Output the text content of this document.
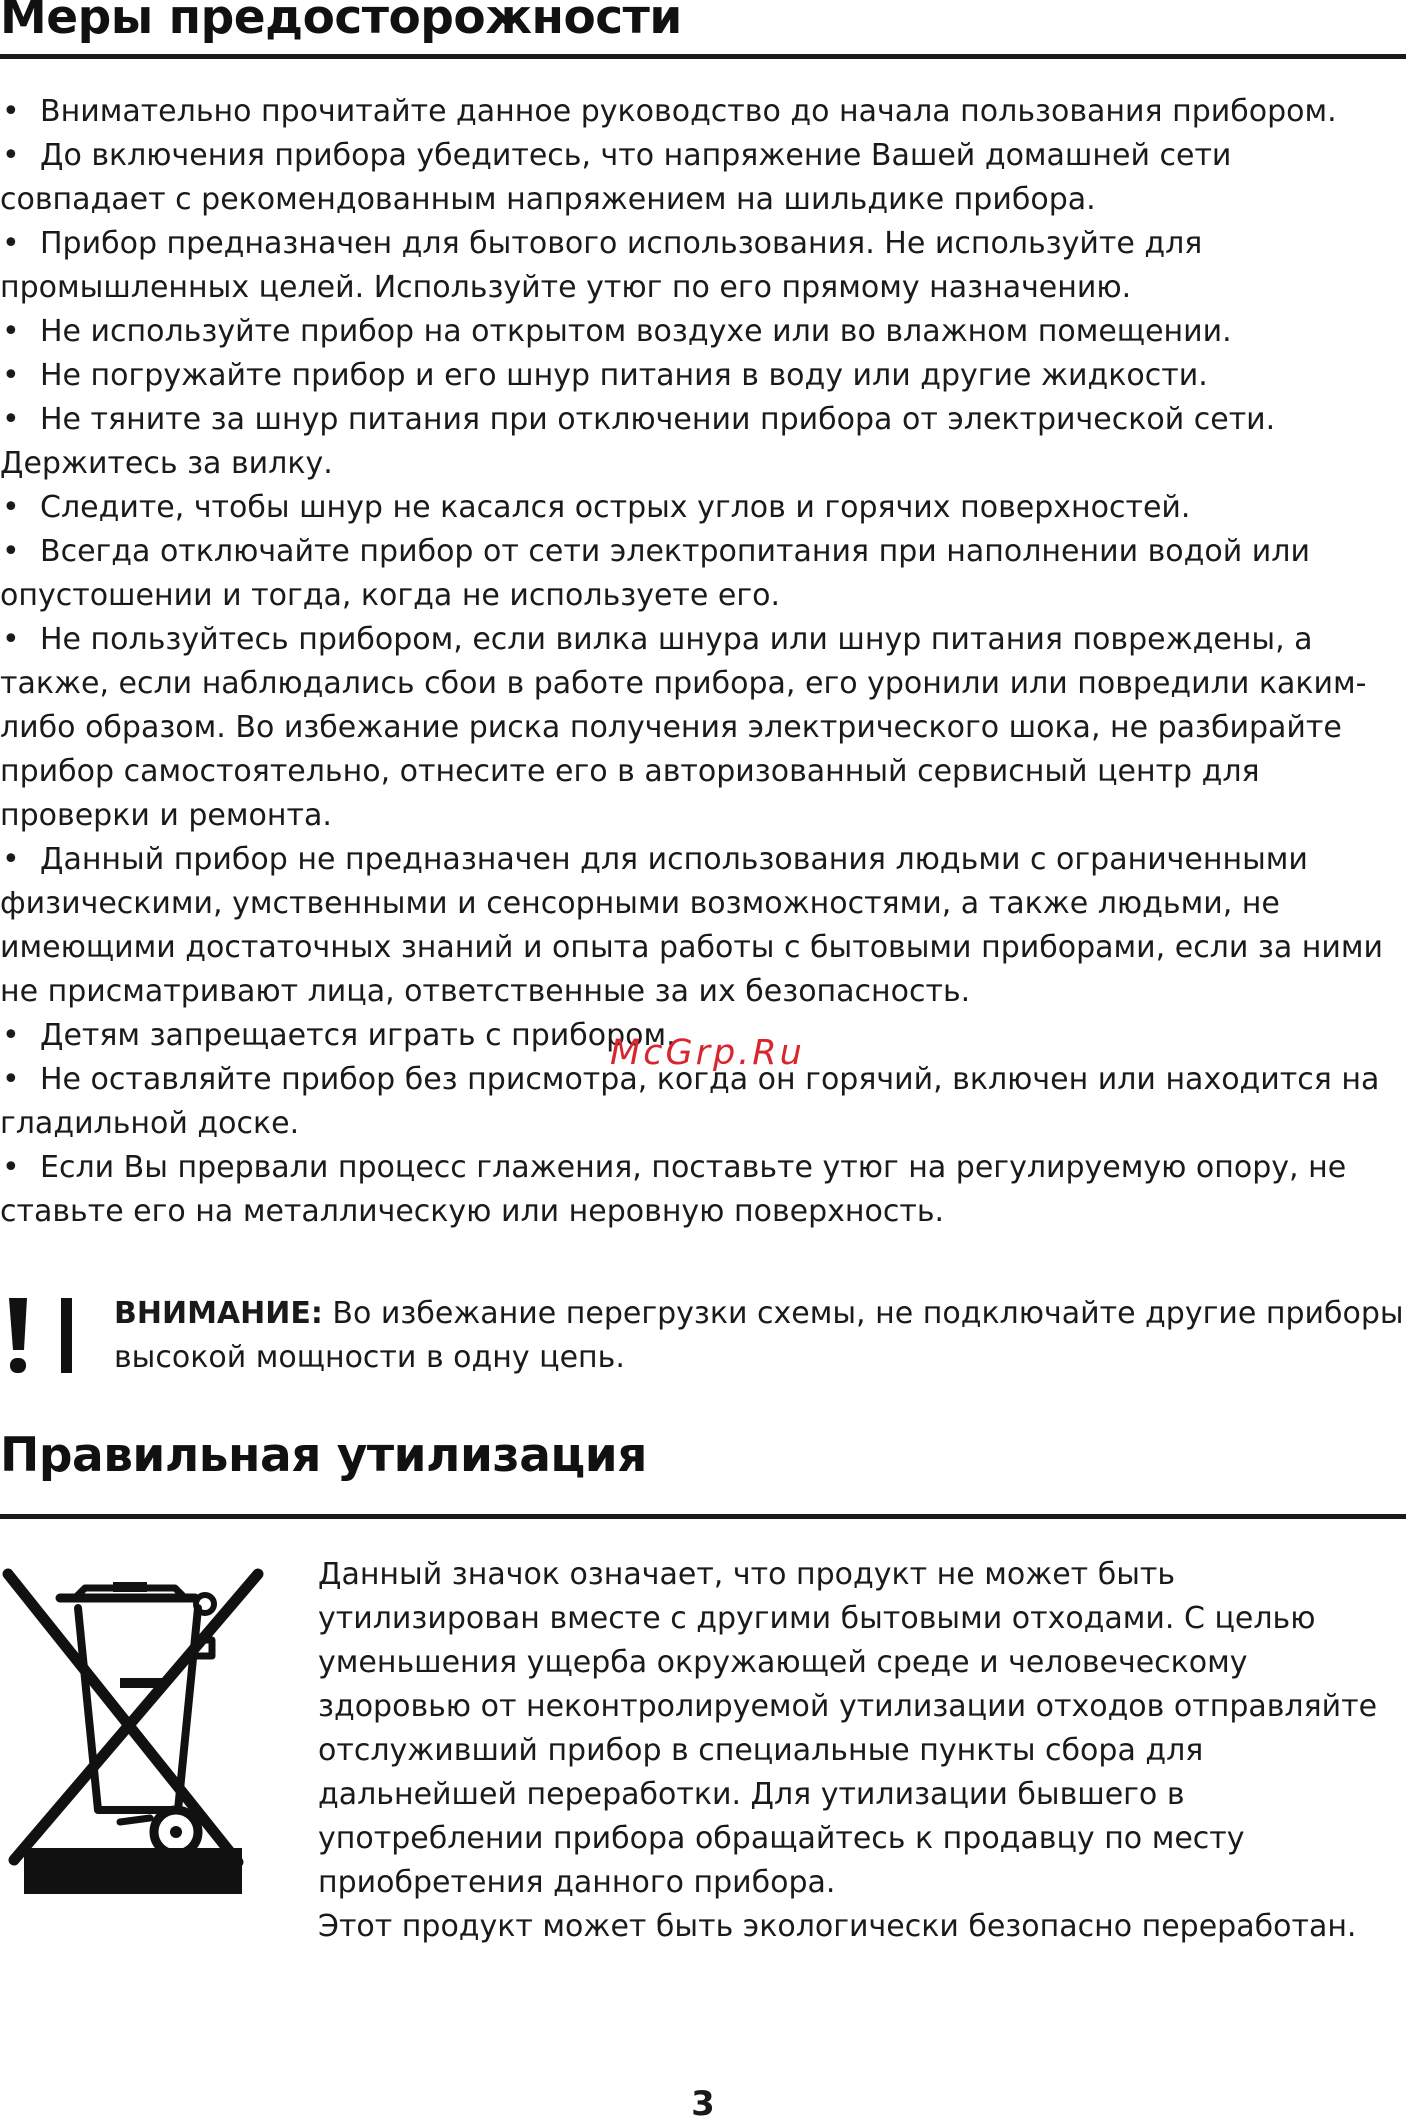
Меры предосторожности
• Внимательно прочитайте данное руководство до начала пользования прибором.
• До включения прибора убедитесь, что напряжение Вашей домашней сети совпадает с рекомендованным напряжением на шильдике прибора.
• Прибор предназначен для бытового использования. Не используйте для промышленных целей. Используйте утюг по его прямому назначению.
• Не используйте прибор на открытом воздухе или во влажном помещении.
• Не погружайте прибор и его шнур питания в воду или другие жидкости.
• Не тяните за шнур питания при отключении прибора от электрической сети. Держитесь за вилку.
• Следите, чтобы шнур не касался острых углов и горячих поверхностей.
• Всегда отключайте прибор от сети электропитания при наполнении водой или опустошении и тогда, когда не используете его.
• Не пользуйтесь прибором, если вилка шнура или шнур питания повреждены, а также, если наблюдались сбои в работе прибора, его уронили или повредили каким-либо образом. Во избежание риска получения электрического шока, не разбирайте прибор самостоятельно, отнесите его в авторизованный сервисный центр для проверки и ремонта.
• Данный прибор не предназначен для использования людьми с ограниченными физическими, умственными и сенсорными возможностями, а также людьми, не имеющими достаточных знаний и опыта работы с бытовыми приборами, если за ними не присматривают лица, ответственные за их безопасность.
• Детям запрещается играть с прибором.
• Не оставляйте прибор без присмотра, когда он горячий, включен или находится на гладильной доске.
• Если Вы прервали процесс глажения, поставьте утюг на регулируемую опору, не ставьте его на металлическую или неровную поверхность.
McGrp.Ru
ВНИМАНИЕ: Во избежание перегрузки схемы, не подключайте другие приборы высокой мощности в одну цепь.
Правильная утилизация

Данный значок означает, что продукт не может быть утилизирован вместе с другими бытовыми отходами. С целью уменьшения ущерба окружающей среде и человеческому здоровью от неконтролируемой утилизации отходов отправляйте отслуживший прибор в специальные пункты сбора для дальнейшей переработки. Для утилизации бывшего в употреблении прибора обращайтесь к продавцу по месту приобретения данного прибора.

Этот продукт может быть экологически безопасно переработан.

3
